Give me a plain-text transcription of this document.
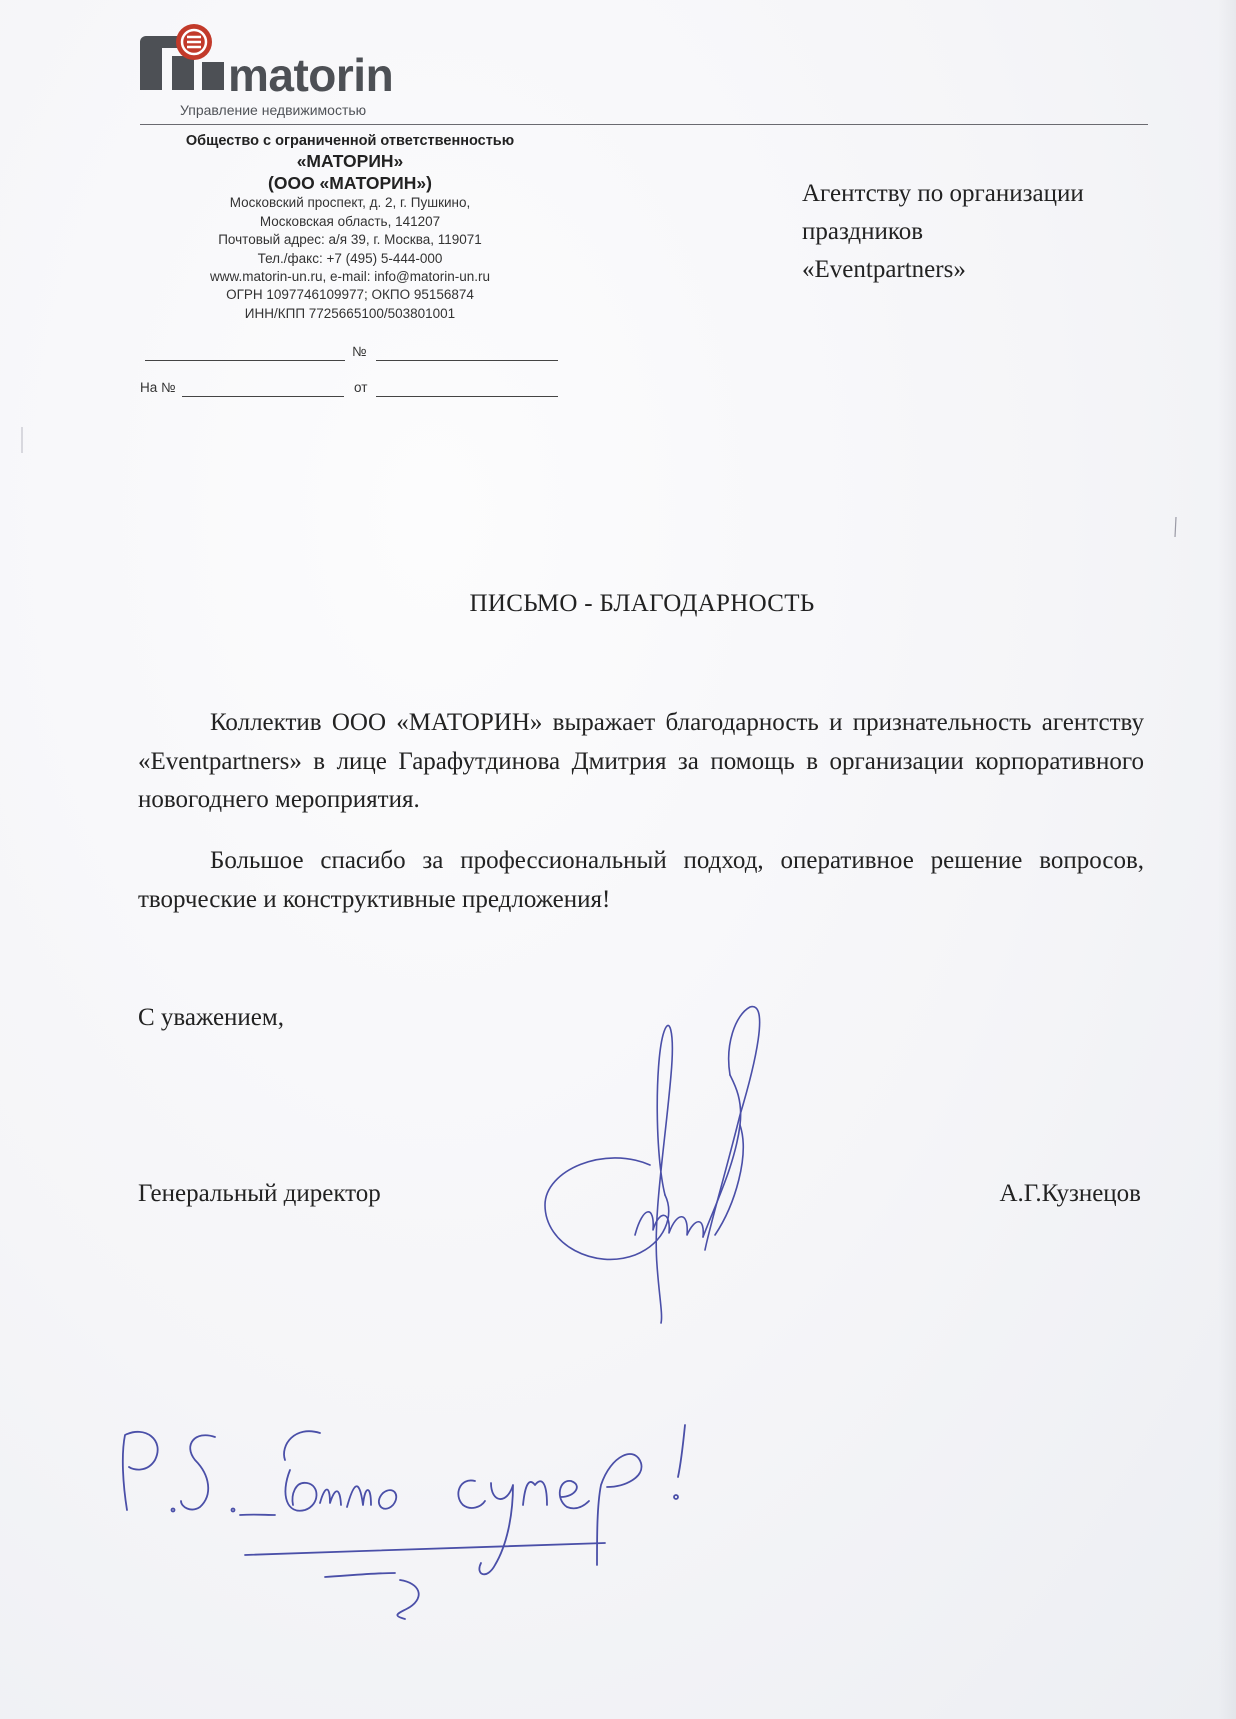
matorin
Управление недвижимостью
Общество с ограниченной ответственностью
«МАТОРИН»
(ООО «МАТОРИН»)
Московский проспект, д. 2, г. Пушкино,
Московская область, 141207
Почтовый адрес: а/я 39, г. Москва, 119071
Тел./факс: +7 (495) 5-444-000
www.matorin-un.ru, e-mail: info@matorin-un.ru
ОГРН 1097746109977; ОКПО 95156874
ИНН/КПП 7725665100/503801001
№
На №	от
Агентству по организации
праздников
«Eventpartners»
ПИСЬМО - БЛАГОДАРНОСТЬ
Коллектив ООО «МАТОРИН» выражает благодарность и признательность агентству «Eventpartners» в лице Гарафутдинова Дмитрия за помощь в организации корпоративного новогоднего мероприятия.
Большое спасибо за профессиональный подход, оперативное решение вопросов, творческие и конструктивные предложения!
С уважением,
Генеральный директор	А.Г.Кузнецов
